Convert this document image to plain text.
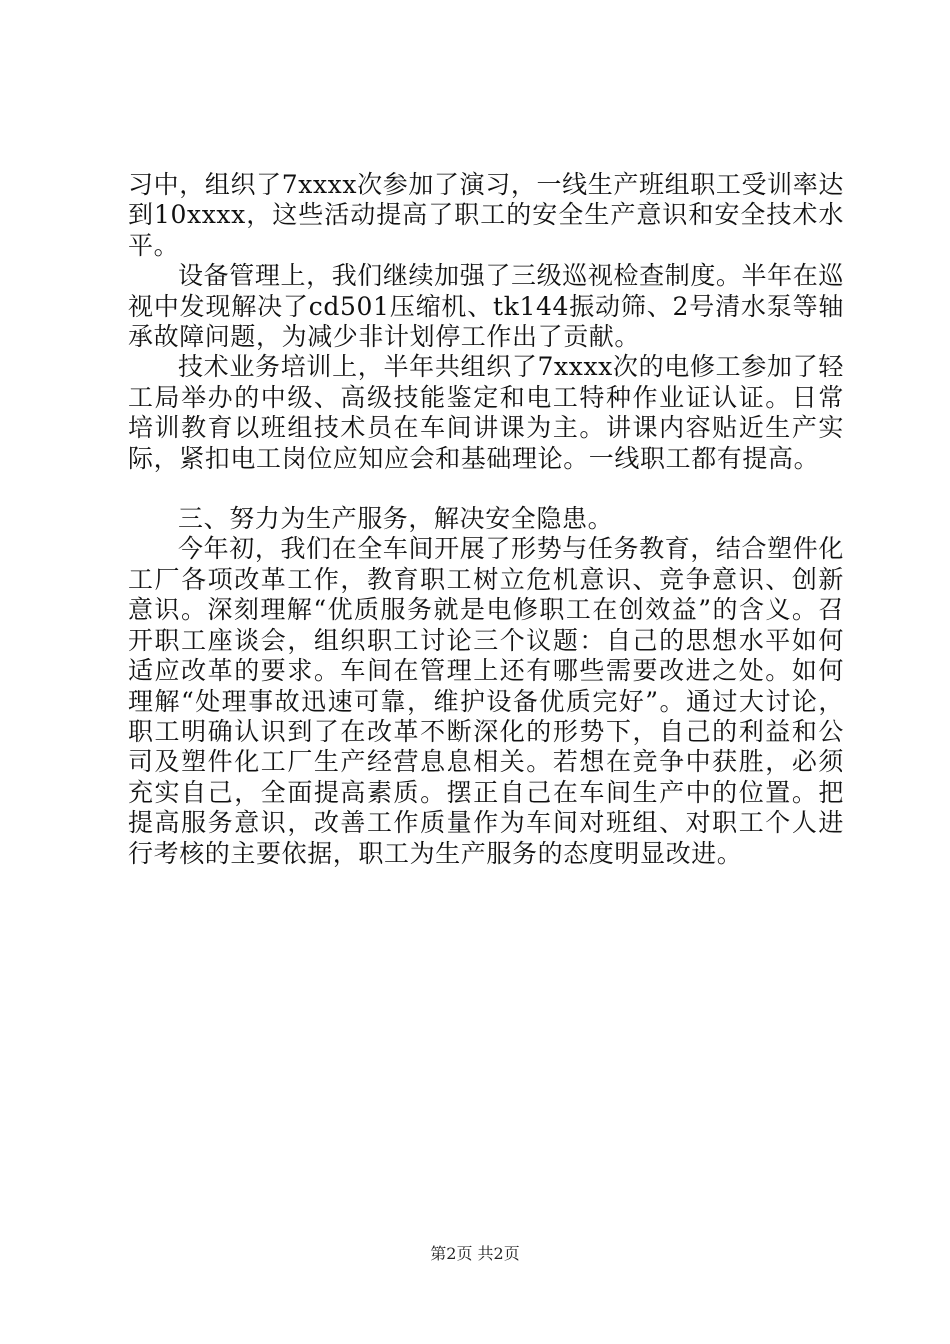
习中，组织了7xxxx次参加了演习，一线生产班组职工受训率达到10xxxx，这些活动提高了职工的安全生产意识和安全技术水平。

设备管理上，我们继续加强了三级巡视检查制度。半年在巡视中发现解决了cd501压缩机、tk144振动筛、2号清水泵等轴承故障问题，为减少非计划停工作出了贡献。

技术业务培训上，半年共组织了7xxxx次的电修工参加了轻工局举办的中级、高级技能鉴定和电工特种作业证认证。日常培训教育以班组技术员在车间讲课为主。讲课内容贴近生产实际，紧扣电工岗位应知应会和基础理论。一线职工都有提高。

三、努力为生产服务，解决安全隐患。

今年初，我们在全车间开展了形势与任务教育，结合塑件化工厂各项改革工作，教育职工树立危机意识、竞争意识、创新意识。深刻理解“优质服务就是电修职工在创效益”的含义。召开职工座谈会，组织职工讨论三个议题：自己的思想水平如何适应改革的要求。车间在管理上还有哪些需要改进之处。如何理解“处理事故迅速可靠，维护设备优质完好”。通过大讨论，职工明确认识到了在改革不断深化的形势下，自己的利益和公司及塑件化工厂生产经营息息相关。若想在竞争中获胜，必须充实自己，全面提高素质。摆正自己在车间生产中的位置。把提高服务意识，改善工作质量作为车间对班组、对职工个人进行考核的主要依据，职工为生产服务的态度明显改进。

第2页 共2页
